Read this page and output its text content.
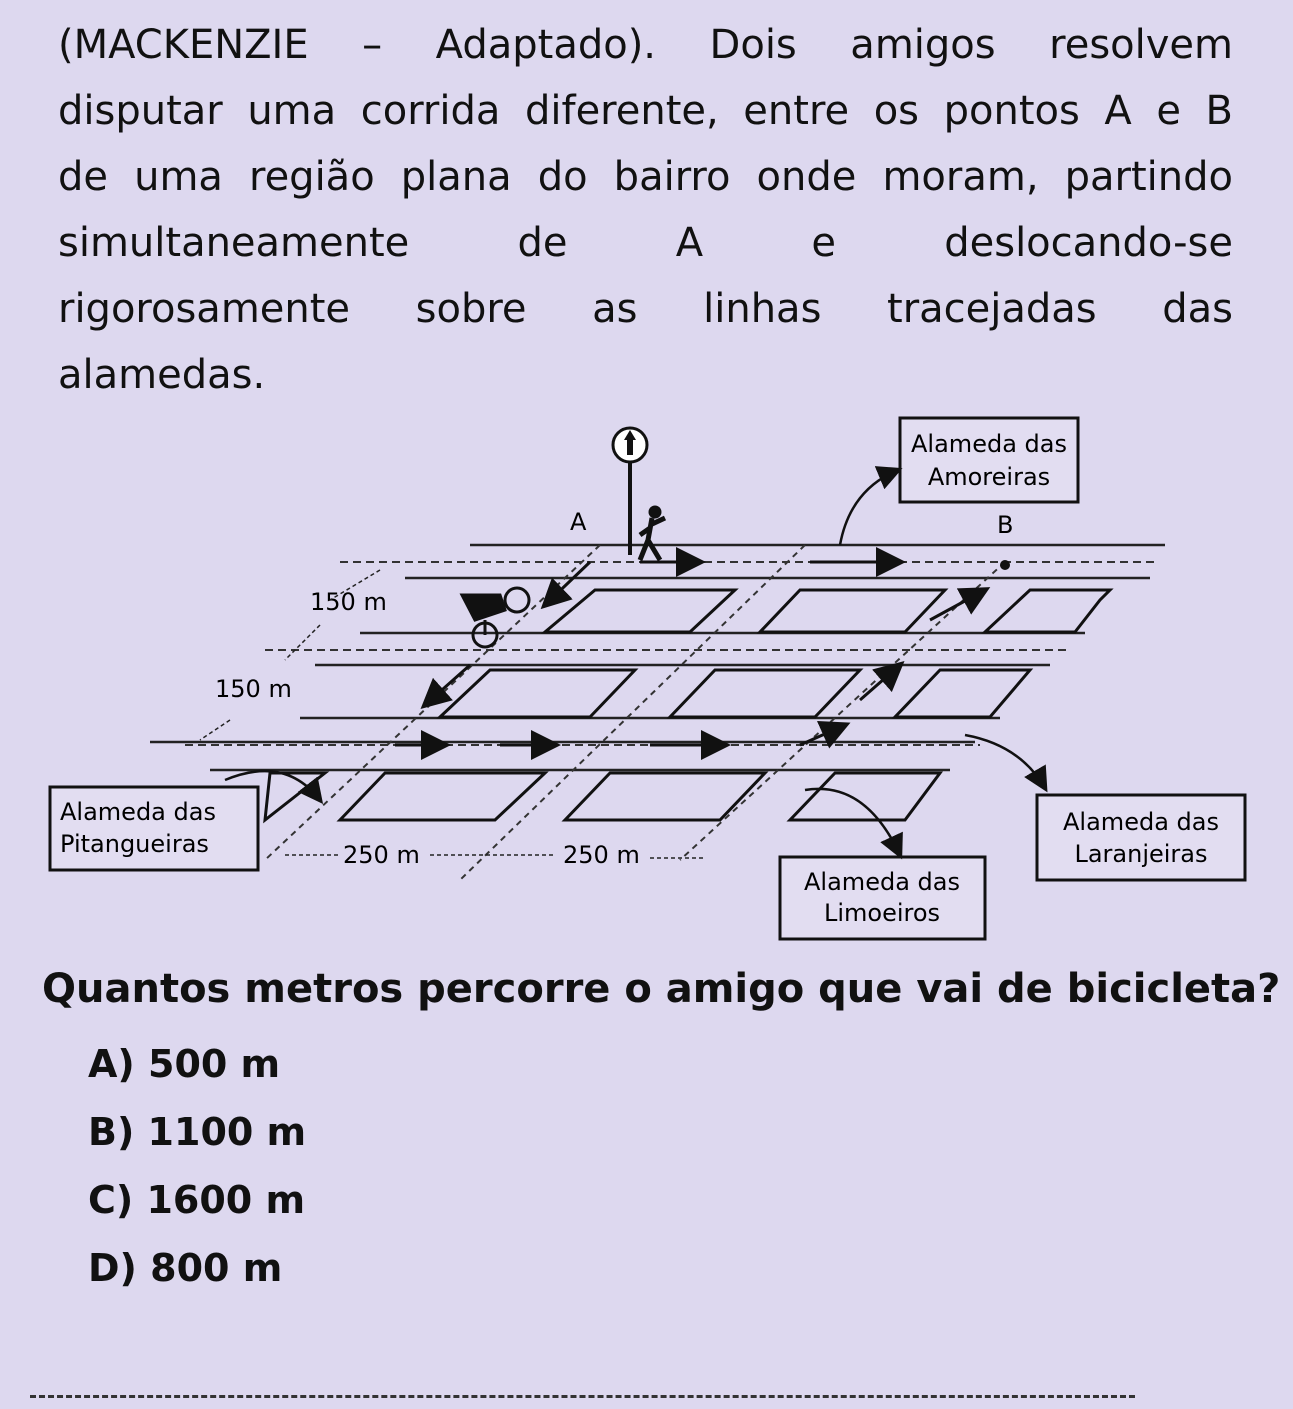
(MACKENZIE – Adaptado). Dois amigos resolvem
disputar uma corrida diferente, entre os pontos A e B
de uma região plana do bairro onde moram, partindo
simultaneamente de A e deslocando-se
rigorosamente sobre as linhas tracejadas das
alamedas.
A	B
150 m
150 m
250 m	250 m
Alameda das
Amoreiras
Alameda das
Pitangueiras
Alameda das
Laranjeiras
Alameda das
Limoeiros
Quantos metros percorre o amigo que vai de bicicleta?
A) 500 m
B) 1100 m
C) 1600 m
D) 800 m
